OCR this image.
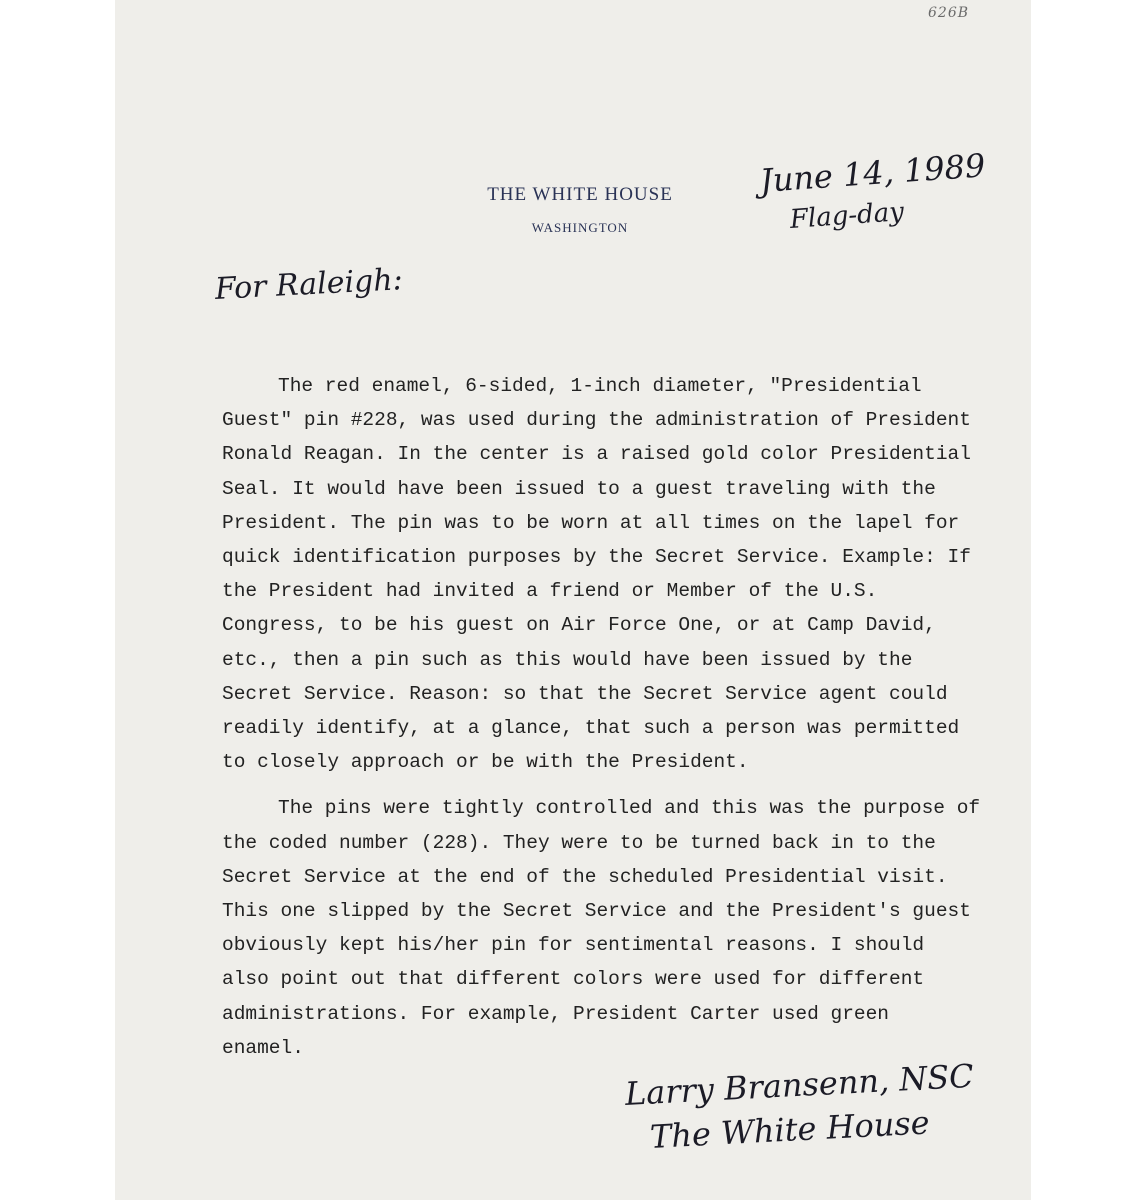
626B
THE WHITE HOUSE
WASHINGTON
June 14, 1989
Flag-day
For Raleigh:

The red enamel, 6-sided, 1-inch diameter, "Presidential Guest" pin #228, was used during the administration of President Ronald Reagan. In the center is a raised gold color Presidential Seal. It would have been issued to a guest traveling with the President. The pin was to be worn at all times on the lapel for quick identification purposes by the Secret Service. Example: If the President had invited a friend or Member of the U.S. Congress, to be his guest on Air Force One, or at Camp David, etc., then a pin such as this would have been issued by the Secret Service. Reason: so that the Secret Service agent could readily identify, at a glance, that such a person was permitted to closely approach or be with the President.

The pins were tightly controlled and this was the purpose of the coded number (228). They were to be turned back in to the Secret Service at the end of the scheduled Presidential visit. This one slipped by the Secret Service and the President's guest obviously kept his/her pin for sentimental reasons. I should also point out that different colors were used for different administrations. For example, President Carter used green enamel.

Larry Bransenn, NSC
The White House
